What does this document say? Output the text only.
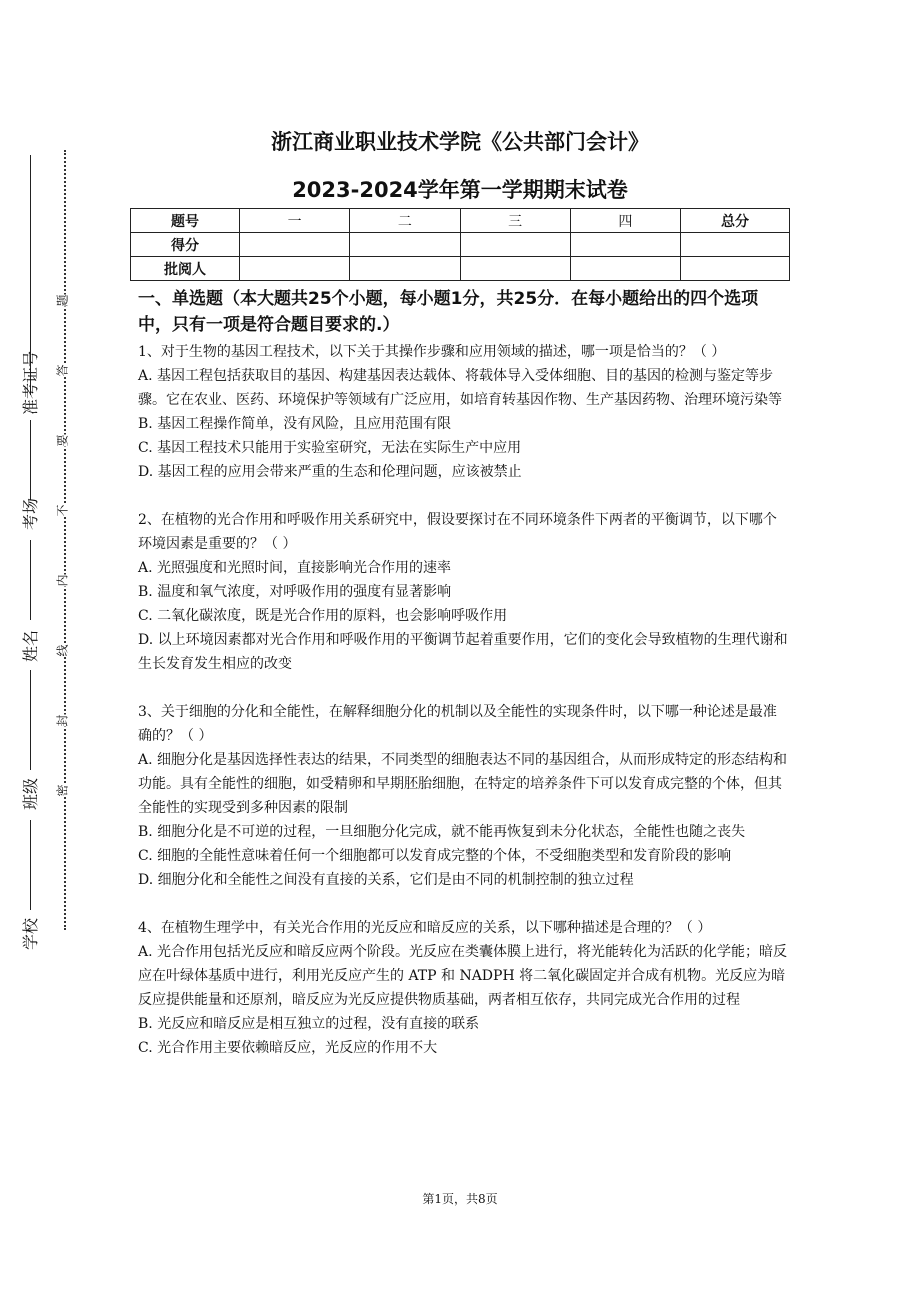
准考证号
考场
姓名
班级
学校
题
答
要
不
内
线
封
密
浙江商业职业技术学院《公共部门会计》
2023-2024学年第一学期期末试卷
题号	一	二	三	四	总分
得分					
批阅人					

一、单选题（本大题共25个小题，每小题1分，共25分．在每小题给出的四个选项中，只有一项是符合题目要求的.）

1、对于生物的基因工程技术，以下关于其操作步骤和应用领域的描述，哪一项是恰当的？（ ）

A. 基因工程包括获取目的基因、构建基因表达载体、将载体导入受体细胞、目的基因的检测与鉴定等步骤。它在农业、医药、环境保护等领域有广泛应用，如培育转基因作物、生产基因药物、治理环境污染等

B. 基因工程操作简单，没有风险，且应用范围有限

C. 基因工程技术只能用于实验室研究，无法在实际生产中应用

D. 基因工程的应用会带来严重的生态和伦理问题，应该被禁止

2、在植物的光合作用和呼吸作用关系研究中，假设要探讨在不同环境条件下两者的平衡调节，以下哪个环境因素是重要的？（ ）

A. 光照强度和光照时间，直接影响光合作用的速率

B. 温度和氧气浓度，对呼吸作用的强度有显著影响

C. 二氧化碳浓度，既是光合作用的原料，也会影响呼吸作用

D. 以上环境因素都对光合作用和呼吸作用的平衡调节起着重要作用，它们的变化会导致植物的生理代谢和生长发育发生相应的改变

3、关于细胞的分化和全能性，在解释细胞分化的机制以及全能性的实现条件时，以下哪一种论述是最准确的？（ ）

A. 细胞分化是基因选择性表达的结果，不同类型的细胞表达不同的基因组合，从而形成特定的形态结构和功能。具有全能性的细胞，如受精卵和早期胚胎细胞，在特定的培养条件下可以发育成完整的个体，但其全能性的实现受到多种因素的限制

B. 细胞分化是不可逆的过程，一旦细胞分化完成，就不能再恢复到未分化状态，全能性也随之丧失

C. 细胞的全能性意味着任何一个细胞都可以发育成完整的个体，不受细胞类型和发育阶段的影响

D. 细胞分化和全能性之间没有直接的关系，它们是由不同的机制控制的独立过程

4、在植物生理学中，有关光合作用的光反应和暗反应的关系，以下哪种描述是合理的？（ ）

A. 光合作用包括光反应和暗反应两个阶段。光反应在类囊体膜上进行，将光能转化为活跃的化学能；暗反应在叶绿体基质中进行，利用光反应产生的 ATP 和 NADPH 将二氧化碳固定并合成有机物。光反应为暗反应提供能量和还原剂，暗反应为光反应提供物质基础，两者相互依存，共同完成光合作用的过程

B. 光反应和暗反应是相互独立的过程，没有直接的联系

C. 光合作用主要依赖暗反应，光反应的作用不大

第1页，共8页
